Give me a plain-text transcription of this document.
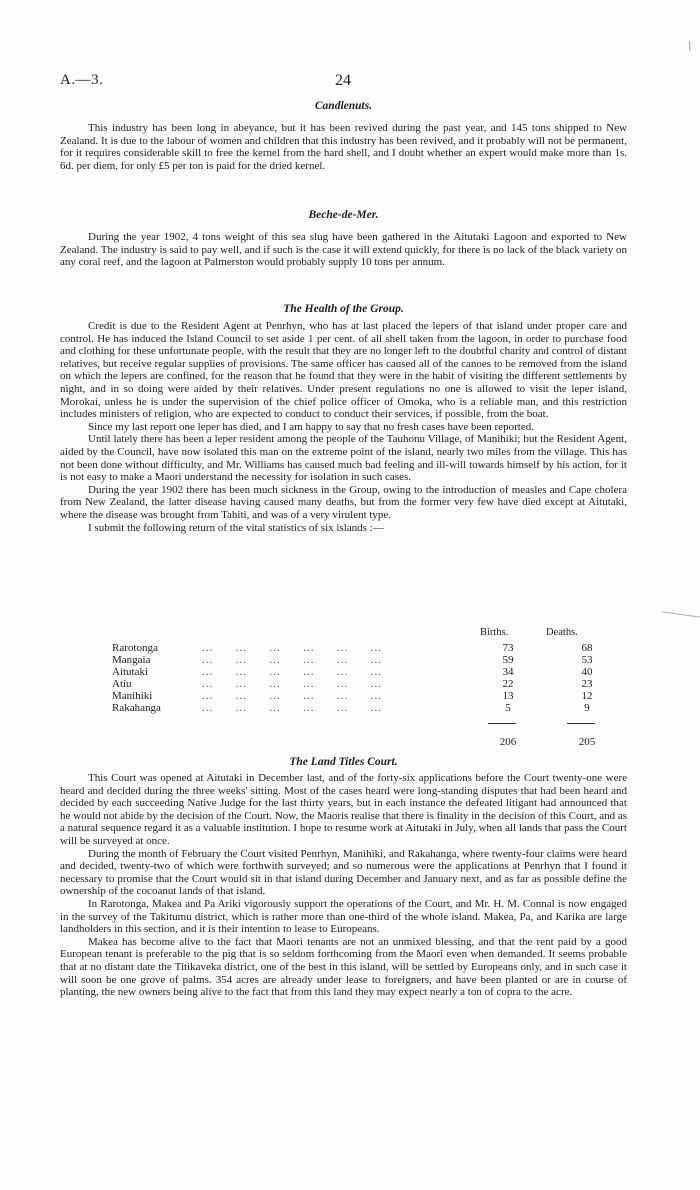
A.—3.	24
❘
Candlenuts.

This industry has been long in abeyance, but it has been revived during the past year, and 145 tons shipped to New Zealand. It is due to the labour of women and children that this industry has been revived, and it probably will not be permanent, for it requires considerable skill to free the kernel from the hard shell, and I doubt whether an expert would make more than 1s. 6d. per diem, for only £5 per ton is paid for the dried kernel.

Beche-de-Mer.

During the year 1902, 4 tons weight of this sea slug have been gathered in the Aitutaki Lagoon and exported to New Zealand. The industry is said to pay well, and if such is the case it will extend quickly, for there is no lack of the black variety on any coral reef, and the lagoon at Palmerston would probably supply 10 tons per annum.

The Health of the Group.

Credit is due to the Resident Agent at Penrhyn, who has at last placed the lepers of that island under proper care and control. He has induced the Island Council to set aside 1 per cent. of all shell taken from the lagoon, in order to purchase food and clothing for these unfortunate people, with the result that they are no longer left to the doubtful charity and control of distant relatives, but receive regular supplies of provisions. The same officer has caused all of the canoes to be removed from the island on which the lepers are confined, for the reason that he found that they were in the habit of visiting the different settlements by night, and in so doing were aided by their relatives. Under present regulations no one is allowed to visit the leper island, Morokai, unless he is under the supervision of the chief police officer of Omoka, who is a reliable man, and this restriction includes ministers of religion, who are expected to conduct to conduct their services, if possible, from the boat.

Since my last report one leper has died, and I am happy to say that no fresh cases have been reported.

Until lately there has been a leper resident among the people of the Tauhonu Village, of Manihiki; but the Resident Agent, aided by the Council, have now isolated this man on the extreme point of the island, nearly two miles from the village. This has not been done without difficulty, and Mr. Williams has caused much bad feeling and ill-will towards himself by his action, for it is not easy to make a Maori understand the necessity for isolation in such cases.

During the year 1902 there has been much sickness in the Group, owing to the introduction of measles and Cape cholera from New Zealand, the latter disease having caused many deaths, but from the former very few have died except at Aitutaki, where the disease was brought from Tahiti, and was of a very virulent type.

I submit the following return of the vital statistics of six islands :—

Births.	Deaths.
Rarotonga	...      ...      ...      ...      ...      ...	73	68
Mangaia	...      ...      ...      ...      ...      ...	59	53
Aitutaki	...      ...      ...      ...      ...      ...	34	40
Atiu	...      ...      ...      ...      ...      ...	22	23
Manihiki	...      ...      ...      ...      ...      ...	13	12
Rakahanga	...      ...      ...      ...      ...      ...	5	9
206	205
The Land Titles Court.

This Court was opened at Aitutaki in December last, and of the forty-six applications before the Court twenty-one were heard and decided during the three weeks' sitting. Most of the cases heard were long-standing disputes that had been heard and decided by each succeeding Native Judge for the last thirty years, but in each instance the defeated litigant had announced that he would not abide by the decision of the Court. Now, the Maoris realise that there is finality in the decision of this Court, and as a natural sequence regard it as a valuable institution. I hope to resume work at Aitutaki in July, when all lands that pass the Court will be surveyed at once.

During the month of February the Court visited Penrhyn, Manihiki, and Rakahanga, where twenty-four claims were heard and decided, twenty-two of which were forthwith surveyed; and so numerous were the applications at Penrhyn that I found it necessary to promise that the Court would sit in that island during December and January next, and as far as possible define the ownership of the cocoanut lands of that island.

In Rarotonga, Makea and Pa Ariki vigorously support the operations of the Court, and Mr. H. M. Connal is now engaged in the survey of the Takitumu district, which is rather more than one-third of the whole island. Makea, Pa, and Karika are large landholders in this section, and it is their intention to lease to Europeans.

Makea has become alive to the fact that Maori tenants are not an unmixed blessing, and that the rent paid by a good European tenant is preferable to the pig that is so seldom forthcoming from the Maori even when demanded. It seems probable that at no distant date the Titikaveka district, one of the best in this island, will be settled by Europeans only, and in such case it will soon be one grove of palms. 354 acres are already under lease to foreigners, and have been planted or are in course of planting, the new owners being alive to the fact that from this land they may expect nearly a ton of copra to the acre.
